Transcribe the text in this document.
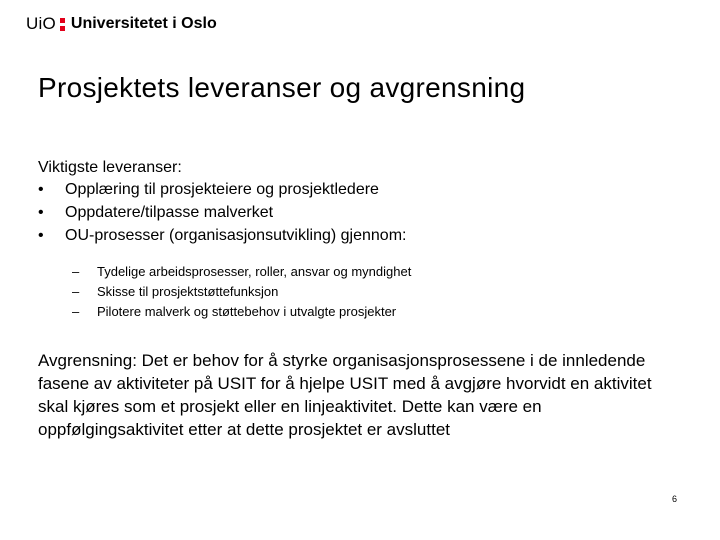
UiO Universitetet i Oslo
Prosjektets leveranser og avgrensning
Viktigste leveranser:
• Opplæring til prosjekteiere og prosjektledere
• Oppdatere/tilpasse malverket
• OU-prosesser (organisasjonsutvikling) gjennom:
– Tydelige arbeidsprosesser, roller, ansvar og myndighet
– Skisse til prosjektstøttefunksjon
– Pilotere malverk og støttebehov i utvalgte prosjekter

Avgrensning: Det er behov for å styrke organisasjonsprosessene i de innledende fasene av aktiviteter på USIT for å hjelpe USIT med å avgjøre hvorvidt en aktivitet skal kjøres som et prosjekt eller en linjeaktivitet. Dette kan være en oppfølgingsaktivitet etter at dette prosjektet er avsluttet

6
